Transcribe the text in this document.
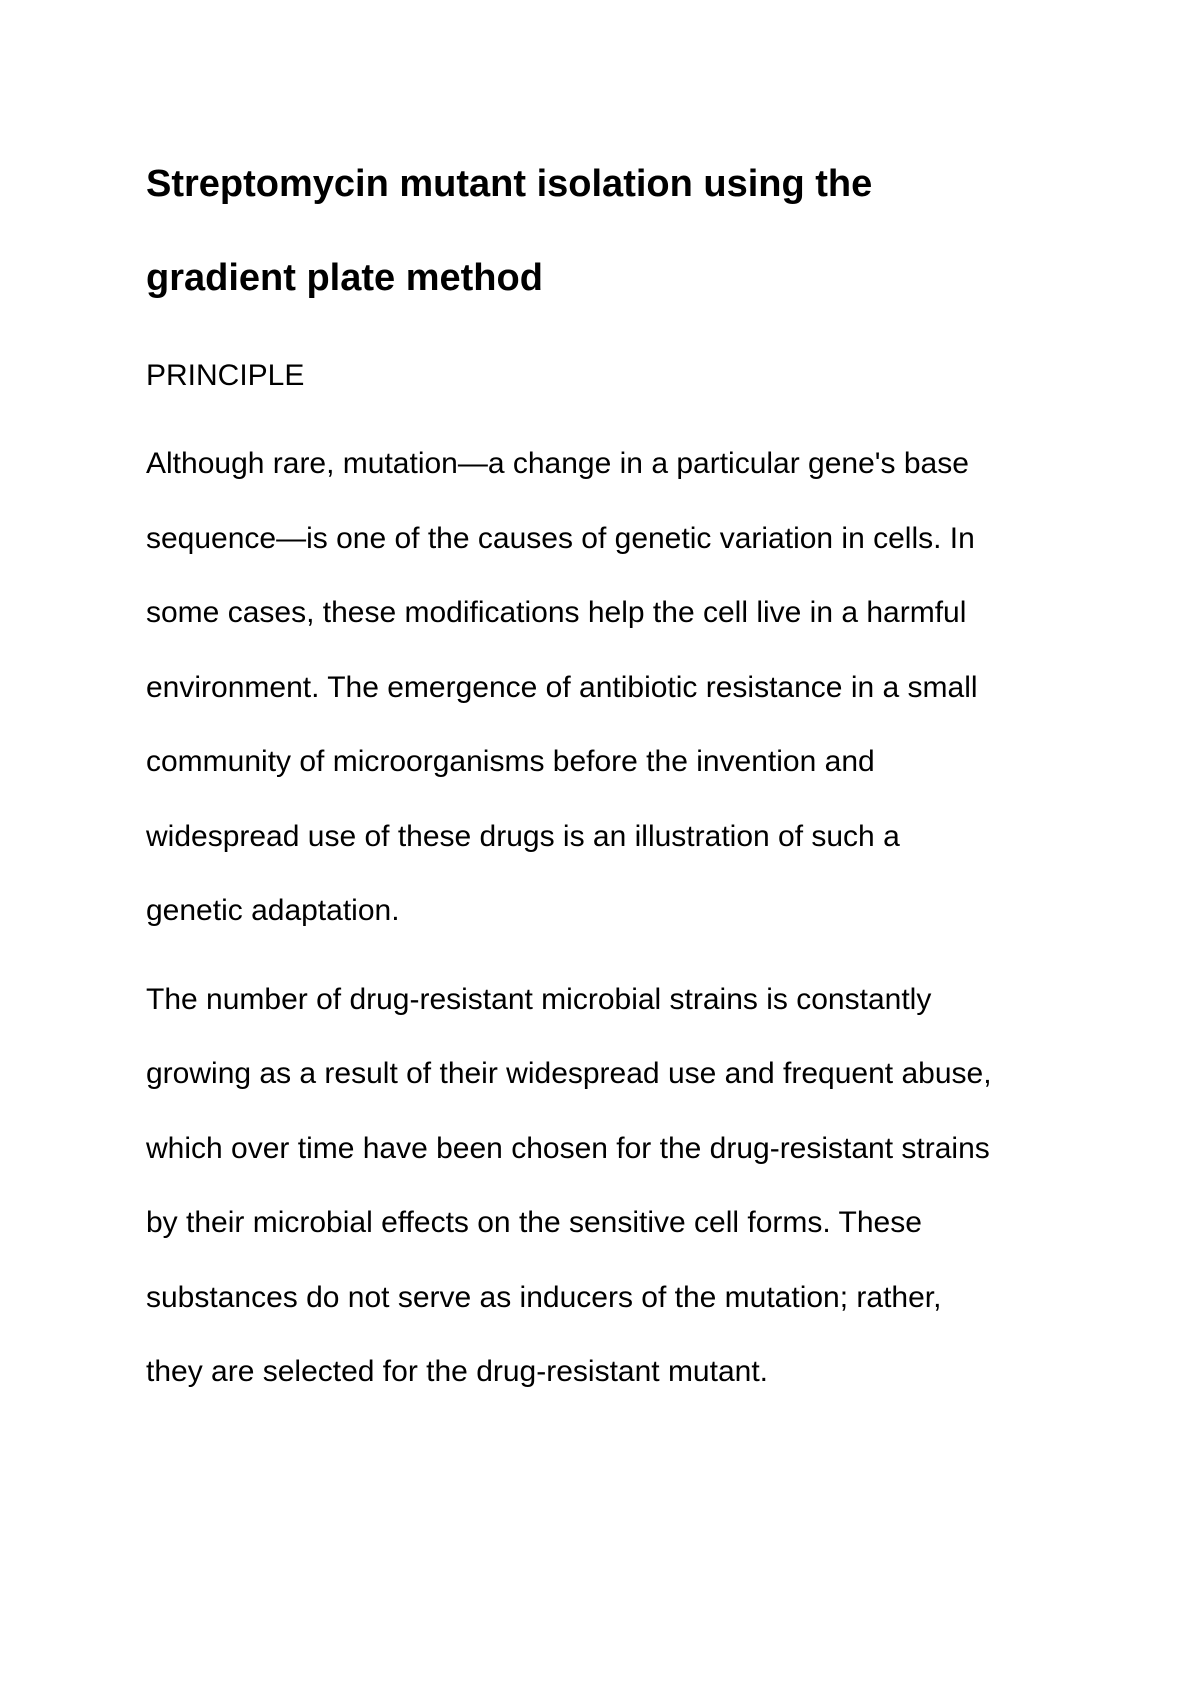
Streptomycin mutant isolation using the
gradient plate method
PRINCIPLE

Although rare, mutation—a change in a particular gene's base
sequence—is one of the causes of genetic variation in cells. In
some cases, these modifications help the cell live in a harmful
environment. The emergence of antibiotic resistance in a small
community of microorganisms before the invention and
widespread use of these drugs is an illustration of such a
genetic adaptation.

The number of drug-resistant microbial strains is constantly
growing as a result of their widespread use and frequent abuse,
which over time have been chosen for the drug-resistant strains
by their microbial effects on the sensitive cell forms. These
substances do not serve as inducers of the mutation; rather,
they are selected for the drug-resistant mutant.
